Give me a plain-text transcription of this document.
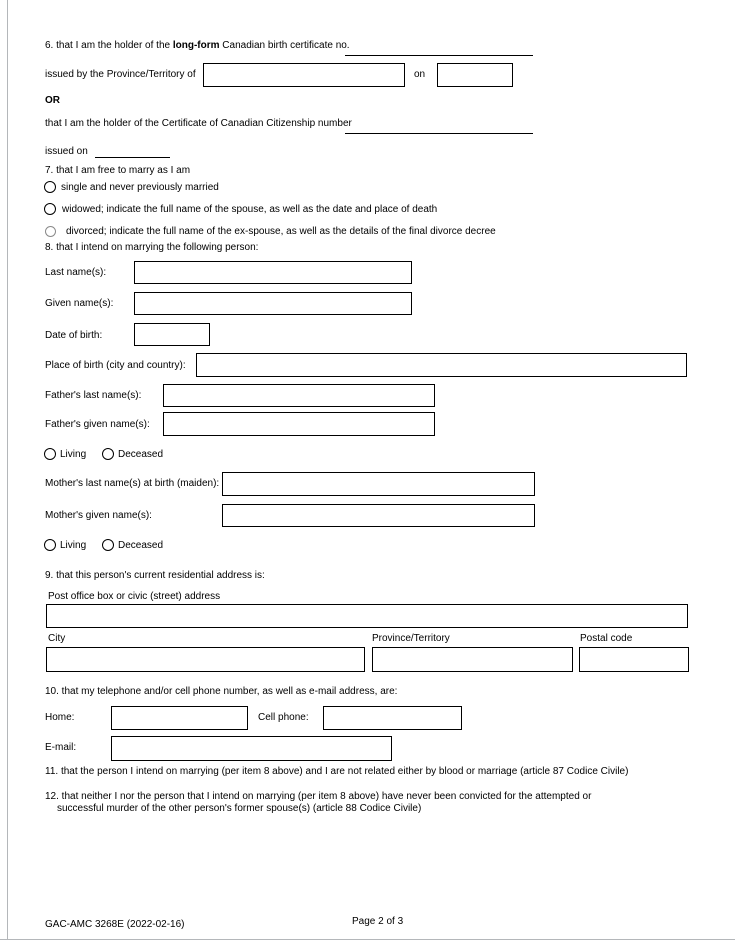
6. that I am the holder of the long-form Canadian birth certificate no.
issued by the Province/Territory of	on
OR
that I am the holder of the Certificate of Canadian Citizenship number
issued on
7. that I am free to marry as I am
single and never previously married
widowed; indicate the full name of the spouse, as well as the date and place of death
divorced; indicate the full name of the ex-spouse, as well as the details of the final divorce decree
8. that I intend on marrying the following person:
Last name(s):
Given name(s):
Date of birth:
Place of birth (city and country):
Father's last name(s):
Father's given name(s):
Living	Deceased
Mother's last name(s) at birth (maiden):
Mother's given name(s):
Living	Deceased
9. that this person's current residential address is:
Post office box or civic (street) address
City	Province/Territory	Postal code
10. that my telephone and/or cell phone number, as well as e-mail address, are:
Home:	Cell phone:
E-mail:
11. that the person I intend on marrying (per item 8 above) and I are not related either by blood or marriage (article 87 Codice Civile)
12. that neither I nor the person that I intend on marrying (per item 8 above) have never been convicted for the attempted or
successful murder of the other person's former spouse(s) (article 88 Codice Civile)
GAC-AMC 3268E (2022-02-16)	Page 2 of 3
